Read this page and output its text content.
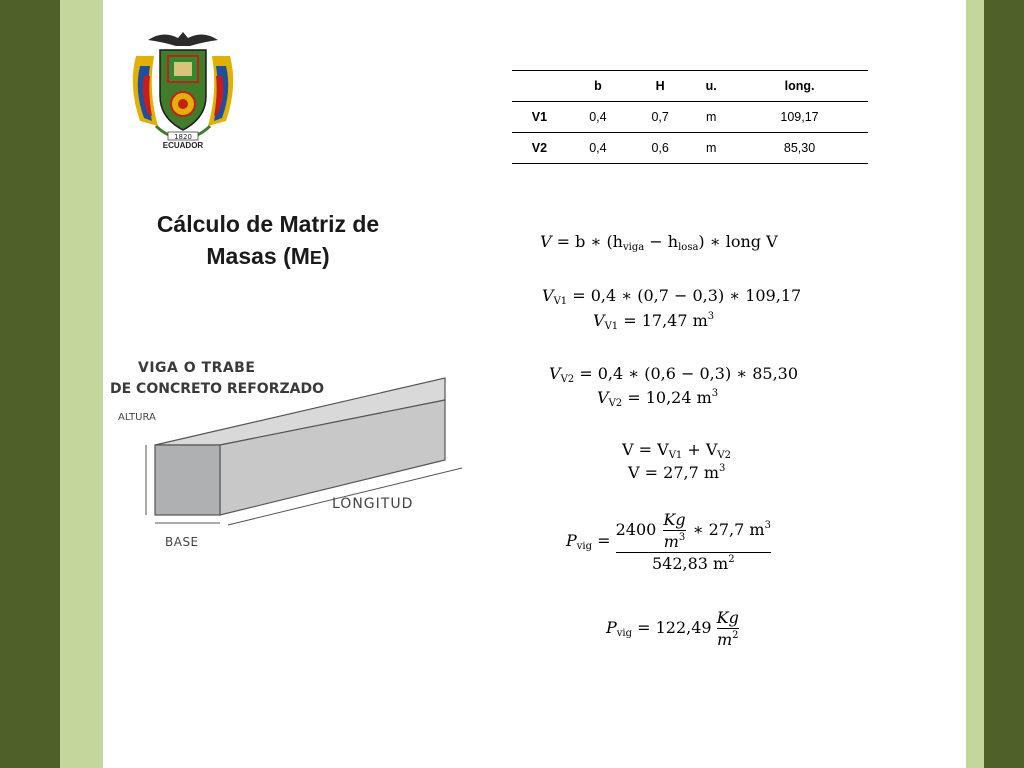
1820
ECUADOR
	b	H	u.	long.
V1	0,4	0,7	m	109,17
V2	0,4	0,6	m	85,30
Cálculo de Matriz de
Masas (ME)
VIGA O TRABE
DE CONCRETO REFORZADO
ALTURA
LONGITUD
BASE
V = b ∗ $(h_{viga} - h_{losa})$ ∗ long V
$V_{V1} = 0,4$ ∗ (0,7 − 0,3) ∗ 109,17
$V_{V1} = 17,47$ $m^3$
$V_{V2} = 0,4$ ∗ (0,6 − 0,3) ∗ 85,30
$V_{V2} = 10,24$ $m^3$
$V = V_{V1} + V_{V2}$
V = 27,7 $m^3$
$P_{vig} = \frac{2400 \frac{Kg}{m^3} ∗ 27,7 m^3}{542,83 m^2}$
$P_{vig} = 122,49 \frac{Kg}{m^2}$
